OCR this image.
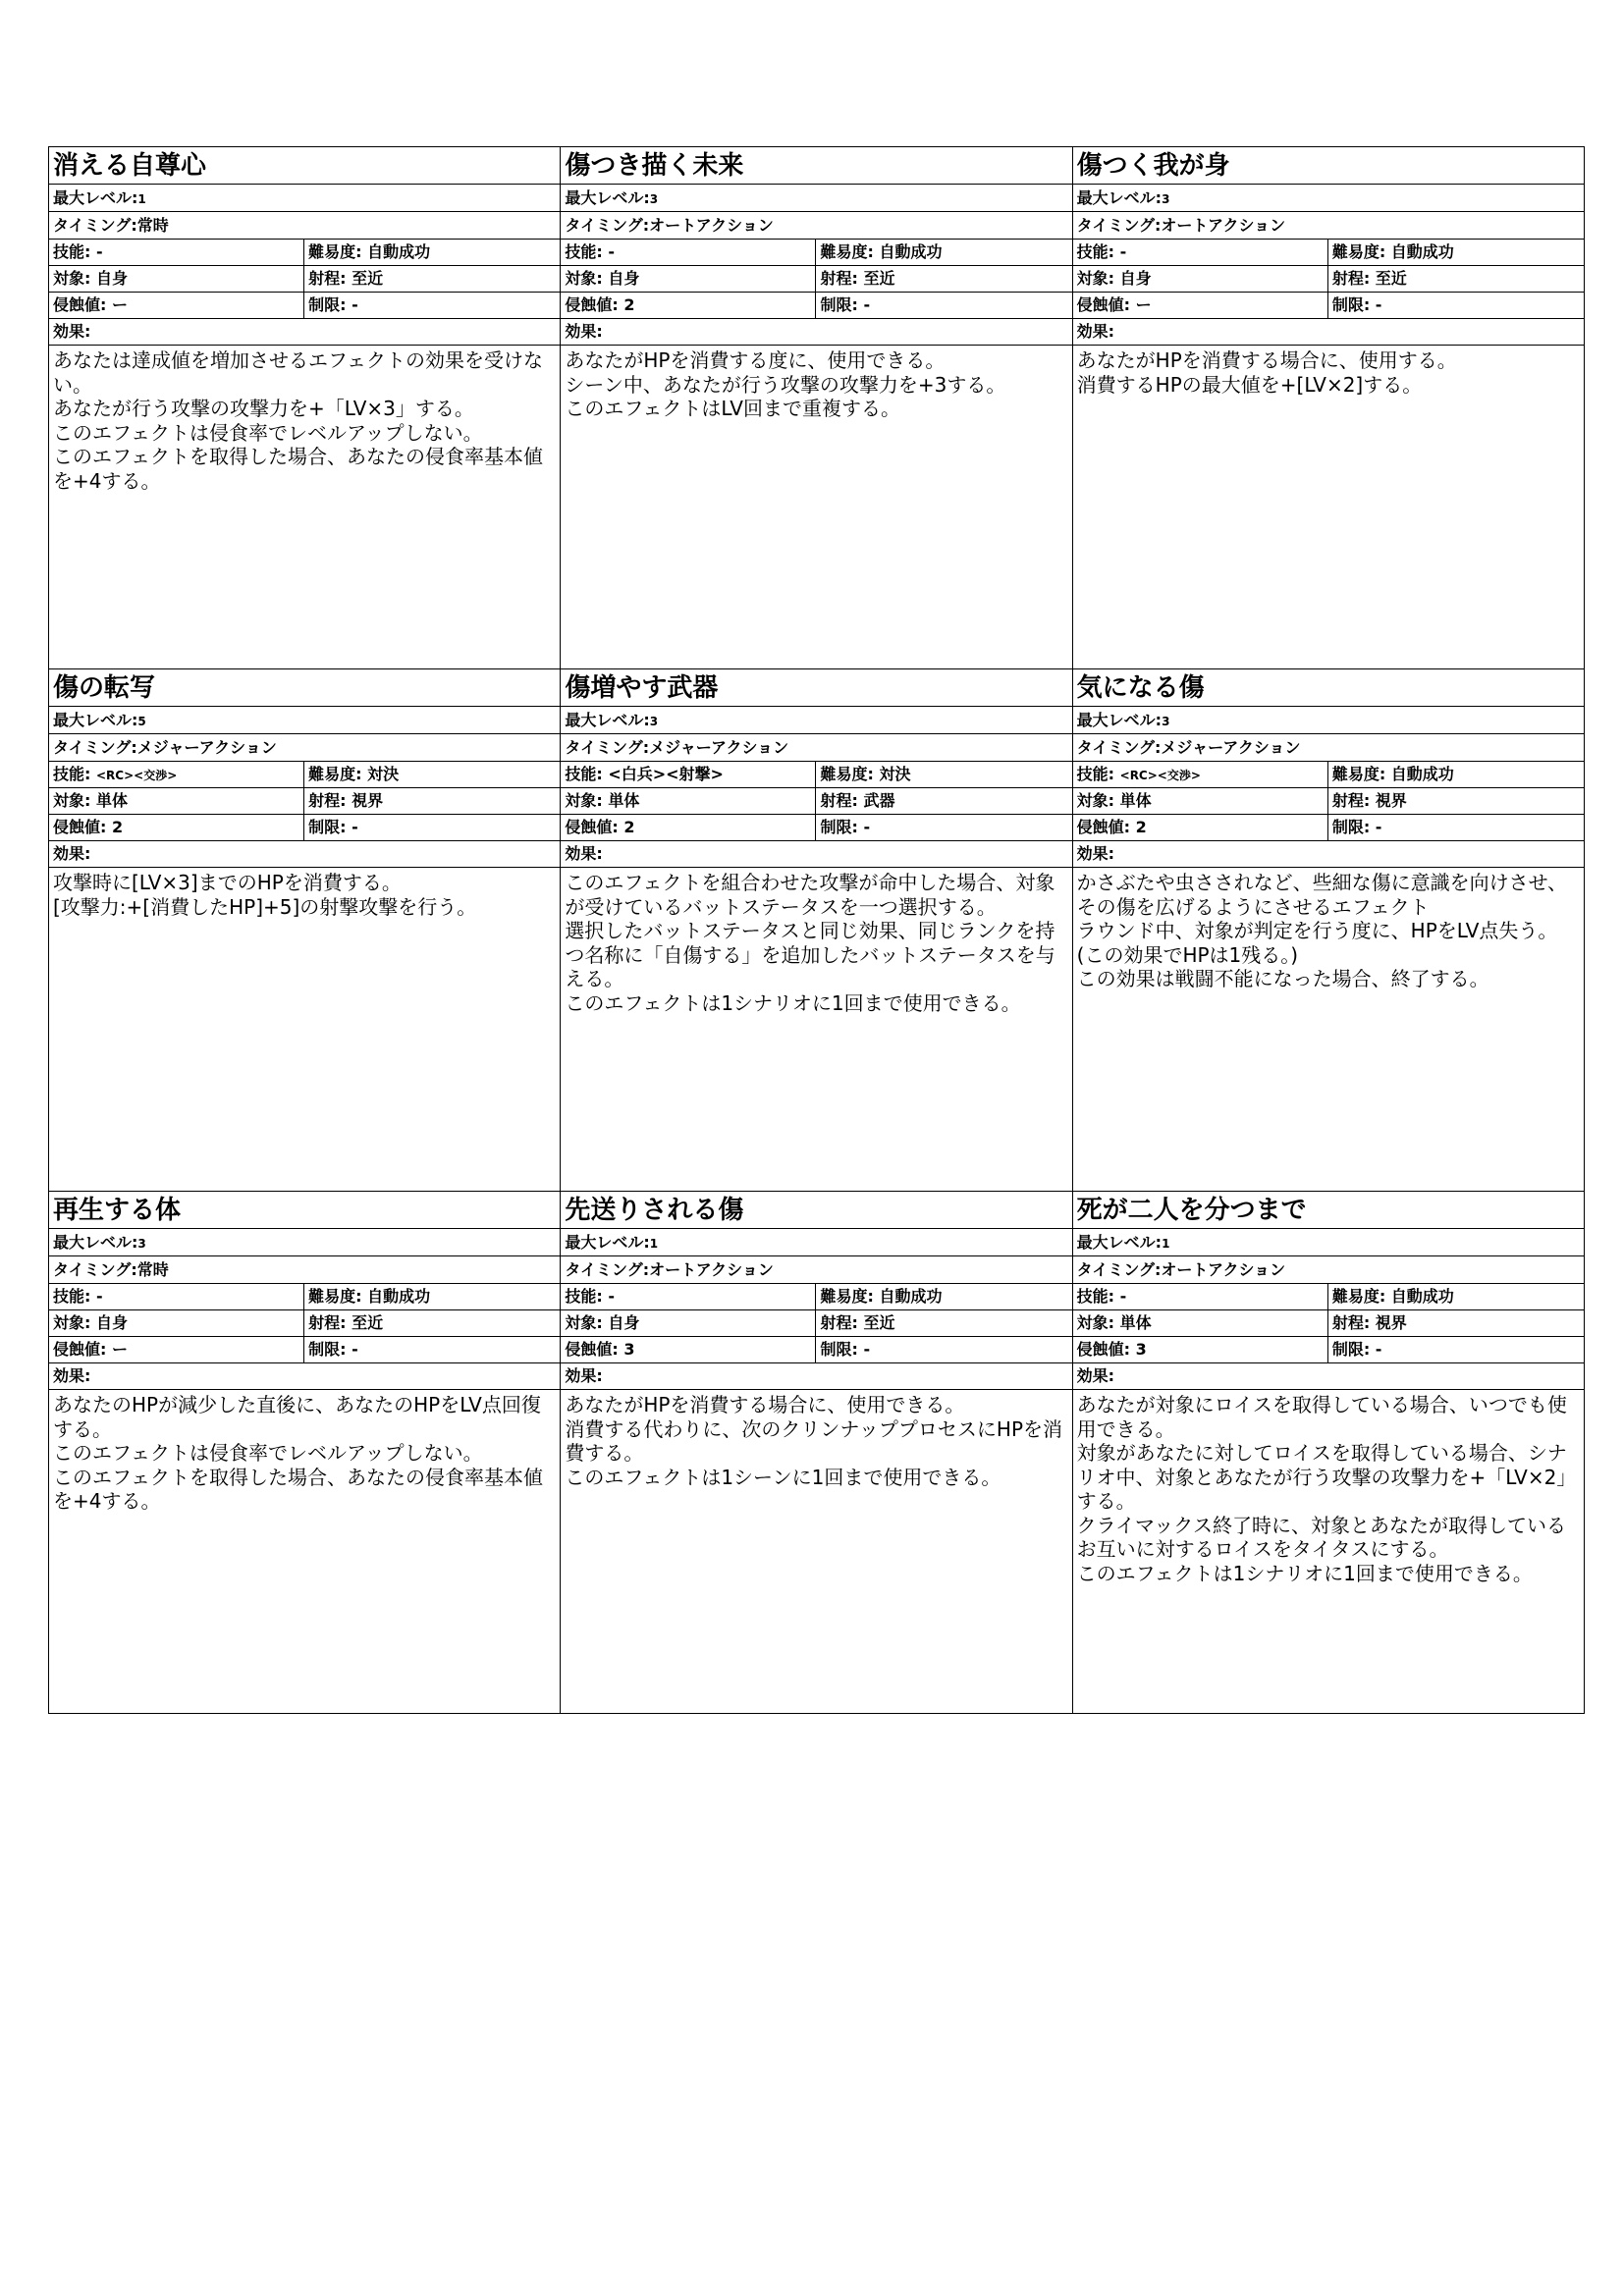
消える自尊心
最大レベル:1
タイミング:常時
技能: -	難易度: 自動成功
対象: 自身	射程: 至近
侵蝕値: ー	制限: -
効果:
あなたは達成値を増加させるエフェクトの効果を受けない。
あなたが行う攻撃の攻撃力を+「LV×3」する。
このエフェクトは侵食率でレベルアップしない。
このエフェクトを取得した場合、あなたの侵食率基本値を+4する。
傷つき描く未来
最大レベル:3
タイミング:オートアクション
技能: -	難易度: 自動成功
対象: 自身	射程: 至近
侵蝕値: 2	制限: -
効果:
あなたがHPを消費する度に、使用できる。
シーン中、あなたが行う攻撃の攻撃力を+3する。
このエフェクトはLV回まで重複する。
傷つく我が身
最大レベル:3
タイミング:オートアクション
技能: -	難易度: 自動成功
対象: 自身	射程: 至近
侵蝕値: ー	制限: -
効果:
あなたがHPを消費する場合に、使用する。
消費するHPの最大値を+[LV×2]する。
傷の転写
最大レベル:5
タイミング:メジャーアクション
技能: <RC><交渉>	難易度: 対決
対象: 単体	射程: 視界
侵蝕値: 2	制限: -
効果:
攻撃時に[LV×3]までのHPを消費する。
[攻撃力:+[消費したHP]+5]の射撃攻撃を行う。
傷増やす武器
最大レベル:3
タイミング:メジャーアクション
技能: <白兵><射撃>	難易度: 対決
対象: 単体	射程: 武器
侵蝕値: 2	制限: -
効果:
このエフェクトを組合わせた攻撃が命中した場合、対象が受けているバットステータスを一つ選択する。
選択したバットステータスと同じ効果、同じランクを持つ名称に「自傷する」を追加したバットステータスを与える。
このエフェクトは1シナリオに1回まで使用できる。
気になる傷
最大レベル:3
タイミング:メジャーアクション
技能: <RC><交渉>	難易度: 自動成功
対象: 単体	射程: 視界
侵蝕値: 2	制限: -
効果:
かさぶたや虫さされなど、些細な傷に意識を向けさせ、その傷を広げるようにさせるエフェクト
ラウンド中、対象が判定を行う度に、HPをLV点失う。(この効果でHPは1残る。)
この効果は戦闘不能になった場合、終了する。
再生する体
最大レベル:3
タイミング:常時
技能: -	難易度: 自動成功
対象: 自身	射程: 至近
侵蝕値: ー	制限: -
効果:
あなたのHPが減少した直後に、あなたのHPをLV点回復する。
このエフェクトは侵食率でレベルアップしない。
このエフェクトを取得した場合、あなたの侵食率基本値を+4する。
先送りされる傷
最大レベル:1
タイミング:オートアクション
技能: -	難易度: 自動成功
対象: 自身	射程: 至近
侵蝕値: 3	制限: -
効果:
あなたがHPを消費する場合に、使用できる。
消費する代わりに、次のクリンナッププロセスにHPを消費する。
このエフェクトは1シーンに1回まで使用できる。
死が二人を分つまで
最大レベル:1
タイミング:オートアクション
技能: -	難易度: 自動成功
対象: 単体	射程: 視界
侵蝕値: 3	制限: -
効果:
あなたが対象にロイスを取得している場合、いつでも使用できる。
対象があなたに対してロイスを取得している場合、シナリオ中、対象とあなたが行う攻撃の攻撃力を+「LV×2」する。
クライマックス終了時に、対象とあなたが取得しているお互いに対するロイスをタイタスにする。
このエフェクトは1シナリオに1回まで使用できる。
